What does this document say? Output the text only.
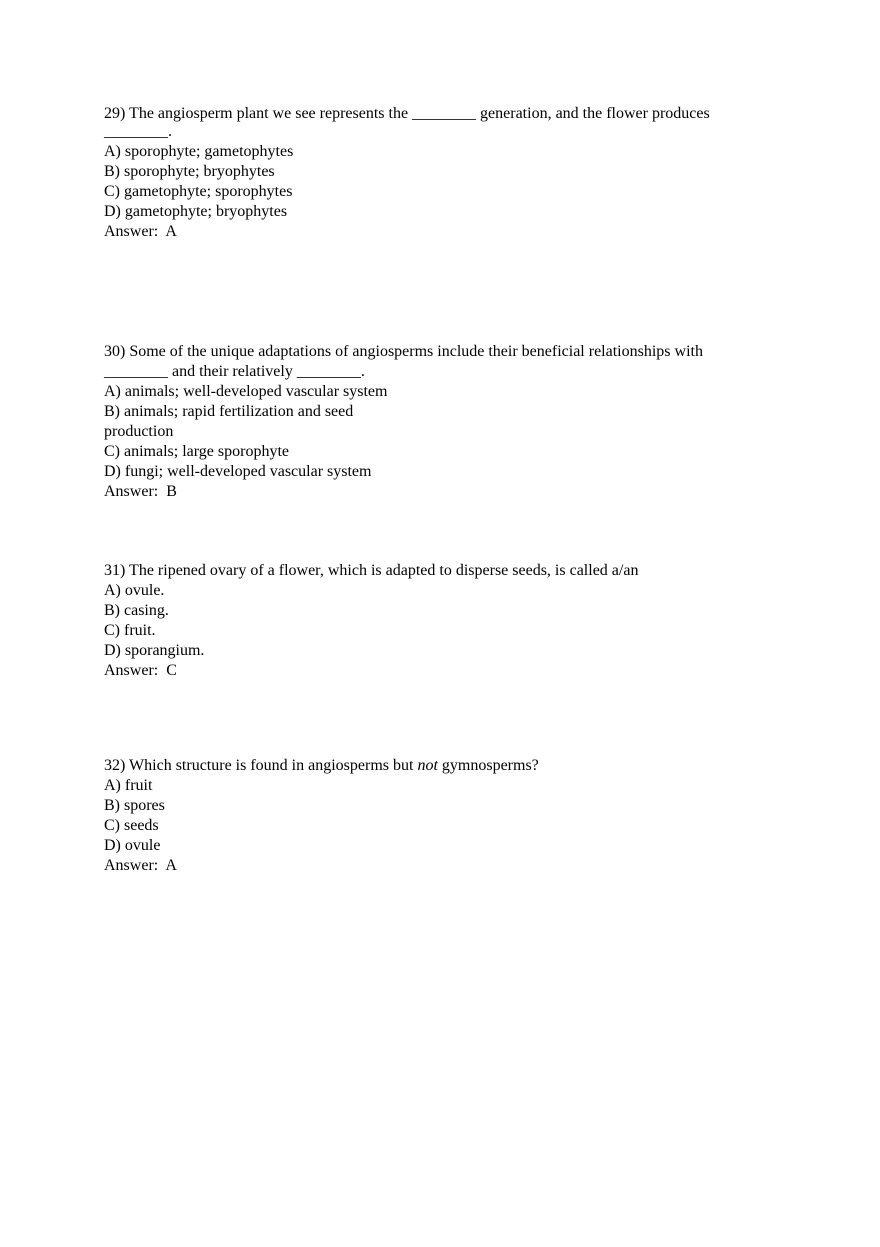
29) The angiosperm plant we see represents the ________ generation, and the flower produces
________.
A) sporophyte; gametophytes
B) sporophyte; bryophytes
C) gametophyte; sporophytes
D) gametophyte; bryophytes
Answer:  A
30) Some of the unique adaptations of angiosperms include their beneficial relationships with
________ and their relatively ________.
A) animals; well-developed vascular system
B) animals; rapid fertilization and seed production
C) animals; large sporophyte
D) fungi; well-developed vascular system
Answer:  B
31) The ripened ovary of a flower, which is adapted to disperse seeds, is called a/an
A) ovule.
B) casing.
C) fruit.
D) sporangium.
Answer:  C
32) Which structure is found in angiosperms but not gymnosperms?
A) fruit
B) spores
C) seeds
D) ovule
Answer:  A
